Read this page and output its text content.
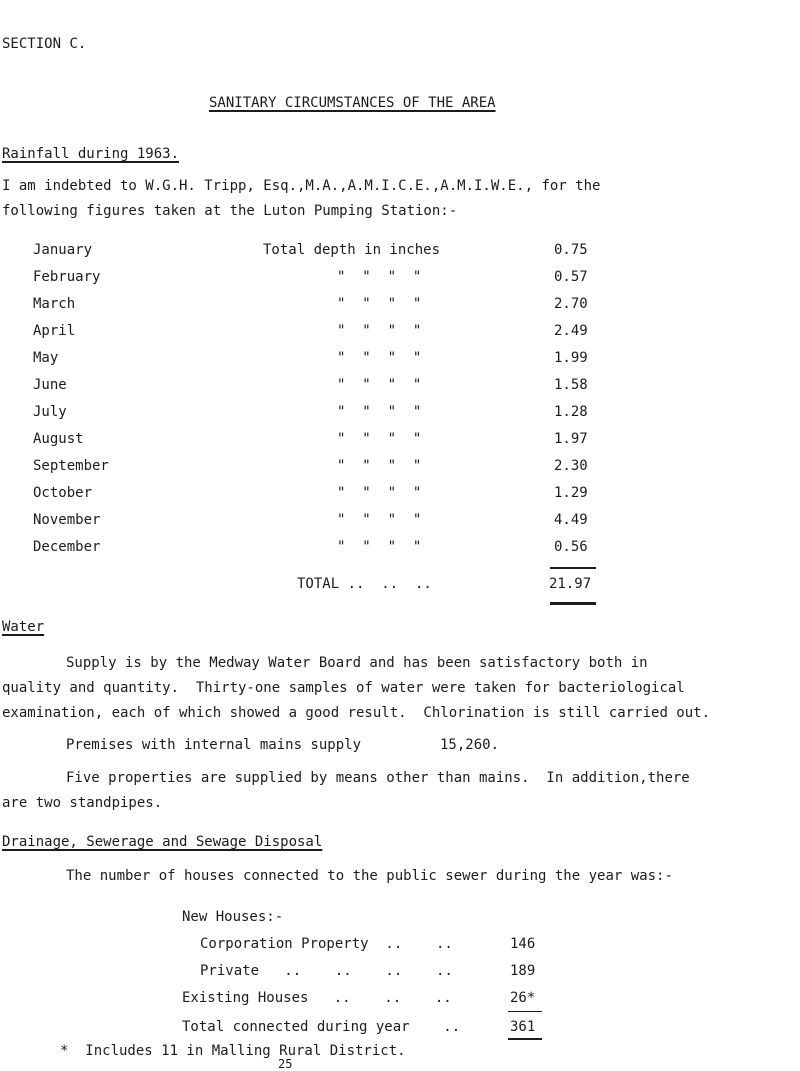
SECTION C.
SANITARY CIRCUMSTANCES OF THE AREA
Rainfall during 1963.
I am indebted to W.G.H. Tripp, Esq.,M.A.,A.M.I.C.E.,A.M.I.W.E., for the
following figures taken at the Luton Pumping Station:-
January	Total depth in inches	0.75
February	"  "  "  "	0.57
March	"  "  "  "	2.70
April	"  "  "  "	2.49
May	"  "  "  "	1.99
June	"  "  "  "	1.58
July	"  "  "  "	1.28
August	"  "  "  "	1.97
September	"  "  "  "	2.30
October	"  "  "  "	1.29
November	"  "  "  "	4.49
December	"  "  "  "	0.56
TOTAL ..  ..  ..	21.97
Water
Supply is by the Medway Water Board and has been satisfactory both in
quality and quantity.  Thirty-one samples of water were taken for bacteriological
examination, each of which showed a good result.  Chlorination is still carried out.
Premises with internal mains supply	15,260.
Five properties are supplied by means other than mains.  In addition,there
are two standpipes.
Drainage, Sewerage and Sewage Disposal
The number of houses connected to the public sewer during the year was:-
New Houses:-
Corporation Property  ..    ..	146
Private   ..    ..    ..    ..	189
Existing Houses   ..    ..    ..	26*
Total connected during year    ..	361
*  Includes 11 in Malling Rural District.
25
